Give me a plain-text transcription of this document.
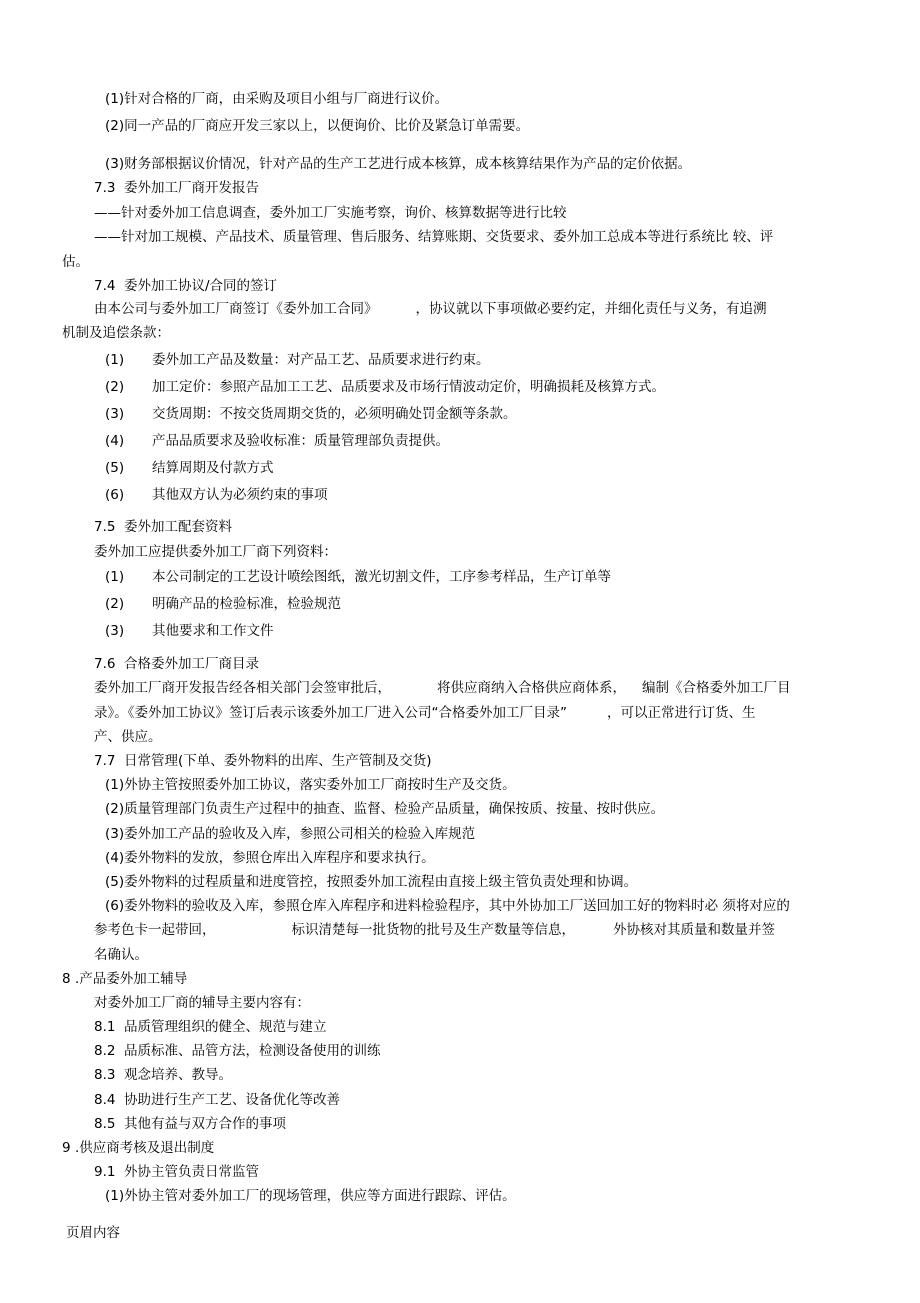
(1)针对合格的厂商，由采购及项目小组与厂商进行议价。
(2)同一产品的厂商应开发三家以上，以便询价、比价及紧急订单需要。
(3)财务部根据议价情况，针对产品的生产工艺进行成本核算，成本核算结果作为产品的定价依据。
7.3 委外加工厂商开发报告
——针对委外加工信息调查，委外加工厂实施考察，询价、核算数据等进行比较
——针对加工规模、产品技术、质量管理、售后服务、结算账期、交货要求、委外加工总成本等进行系统比 较、评
估。
7.4 委外加工协议/合同的签订
由本公司与委外加工厂商签订《委外加工合同》	，协议就以下事项做必要约定，并细化责任与义务，有追溯
机制及追偿条款：
(1) 委外加工产品及数量：对产品工艺、品质要求进行约束。
(2) 加工定价：参照产品加工工艺、品质要求及市场行情波动定价，明确损耗及核算方式。
(3) 交货周期：不按交货周期交货的，必须明确处罚金额等条款。
(4) 产品品质要求及验收标准：质量管理部负责提供。
(5) 结算周期及付款方式
(6) 其他双方认为必须约束的事项
7.5 委外加工配套资料
委外加工应提供委外加工厂商下列资料：
(1) 本公司制定的工艺设计喷绘图纸，激光切割文件，工序参考样品，生产订单等
(2) 明确产品的检验标准，检验规范
(3) 其他要求和工作文件
7.6 合格委外加工厂商目录
委外加工厂商开发报告经各相关部门会签审批后，	将供应商纳入合格供应商体系， 编制《合格委外加工厂目
录》。《委外加工协议》签订后表示该委外加工厂进入公司“合格委外加工厂目录”	，可以正常进行订货、生
产、供应。
7.7 日常管理(下单、委外物料的出库、生产管制及交货)
(1)外协主管按照委外加工协议，落实委外加工厂商按时生产及交货。
(2)质量管理部门负责生产过程中的抽查、监督、检验产品质量，确保按质、按量、按时供应。
(3)委外加工产品的验收及入库，参照公司相关的检验入库规范
(4)委外物料的发放，参照仓库出入库程序和要求执行。
(5)委外物料的过程质量和进度管控，按照委外加工流程由直接上级主管负责处理和协调。
(6)委外物料的验收及入库，参照仓库入库程序和进料检验程序，其中外协加工厂送回加工好的物料时必 须将对应的
参考色卡一起带回，	标识清楚每一批货物的批号及生产数量等信息，	外协核对其质量和数量并签
名确认。
8 .产品委外加工辅导
对委外加工厂商的辅导主要内容有：
8.1 品质管理组织的健全、规范与建立
8.2 品质标准、品管方法，检测设备使用的训练
8.3 观念培养、教导。
8.4 协助进行生产工艺、设备优化等改善
8.5 其他有益与双方合作的事项
9 .供应商考核及退出制度
9.1 外协主管负责日常监管
(1)外协主管对委外加工厂的现场管理，供应等方面进行跟踪、评估。
页眉内容
